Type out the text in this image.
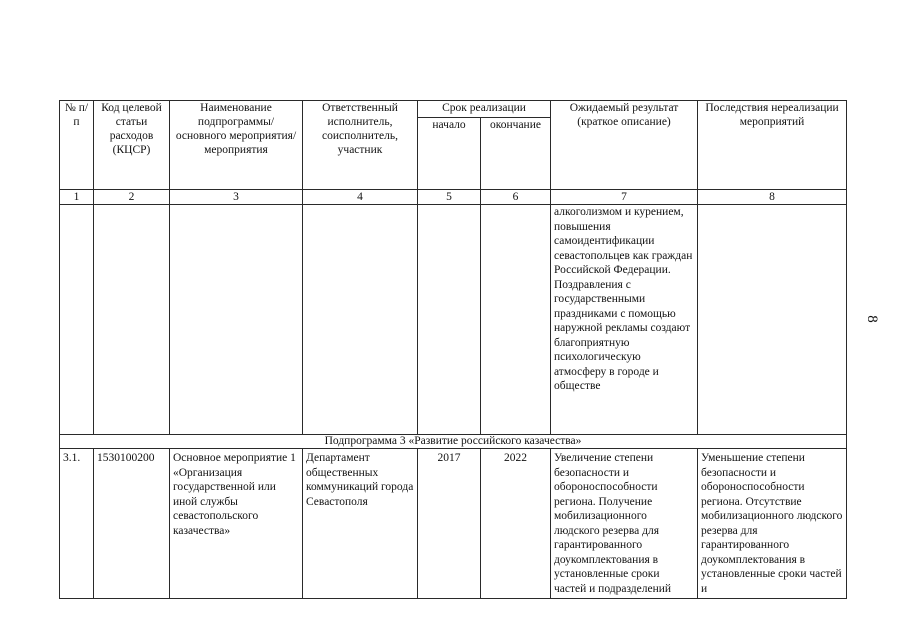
№ п/п	Код целевой статьи расходов (КЦСР)	Наименование подпрограммы/ основного мероприятия/ мероприятия	Ответственный исполнитель, соисполнитель, участник	Срок реализации		Ожидаемый результат (краткое описание)	Последствия нереализации мероприятий
				начало	окончание		
1	2	3	4	5	6	7	8
						алкоголизмом и курением, повышения самоидентификации севастопольцев как граждан Российской Федерации. Поздравления с государственными праздниками с помощью наружной рекламы создают благоприятную психологическую атмосферу в городе и обществе	
Подпрограмма 3 «Развитие российского казачества»							
3.1.	1530100200	Основное мероприятие 1 «Организация государственной или иной службы севастопольского казачества»	Департамент общественных коммуникаций города Севастополя	2017	2022	Увеличение степени безопасности и обороноспособности региона. Получение мобилизационного людского резерва для гарантированного доукомплектования в установленные сроки частей и подразделений	Уменьшение степени безопасности и обороноспособности региона. Отсутствие мобилизационного людского резерва для гарантированного доукомплектования в установленные сроки частей и
8
